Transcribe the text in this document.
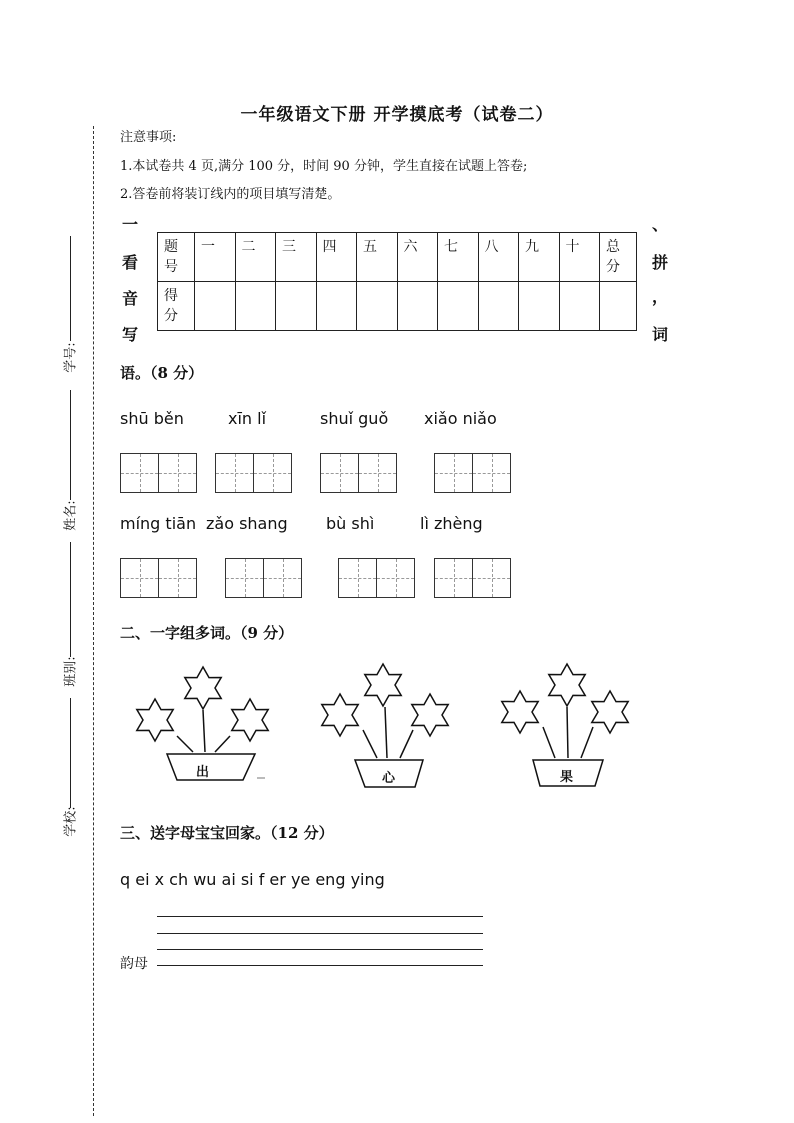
学号:
姓名:
班别:
学校:
一年级语文下册 开学摸底考（试卷二）
注意事项:
1.本试卷共 4 页,满分 100 分，时间 90 分钟，学生直接在试题上答卷;
2.答卷前将装订线内的项目填写清楚。
一
看
音
写
、
拼
，
词
题号	一	二	三	四	五	六	七	八	九	十	总分
得分											
语。（8 分）
shū běn	xīn lǐ	shuǐ guǒ xiǎo niǎo
míng tiān zǎo shang bù shì	lì zhèng
二、一字组多词。（9 分）
出	心	果
三、送字母宝宝回家。（12 分）
q ei x ch wu ai si f er ye eng ying
韵母
